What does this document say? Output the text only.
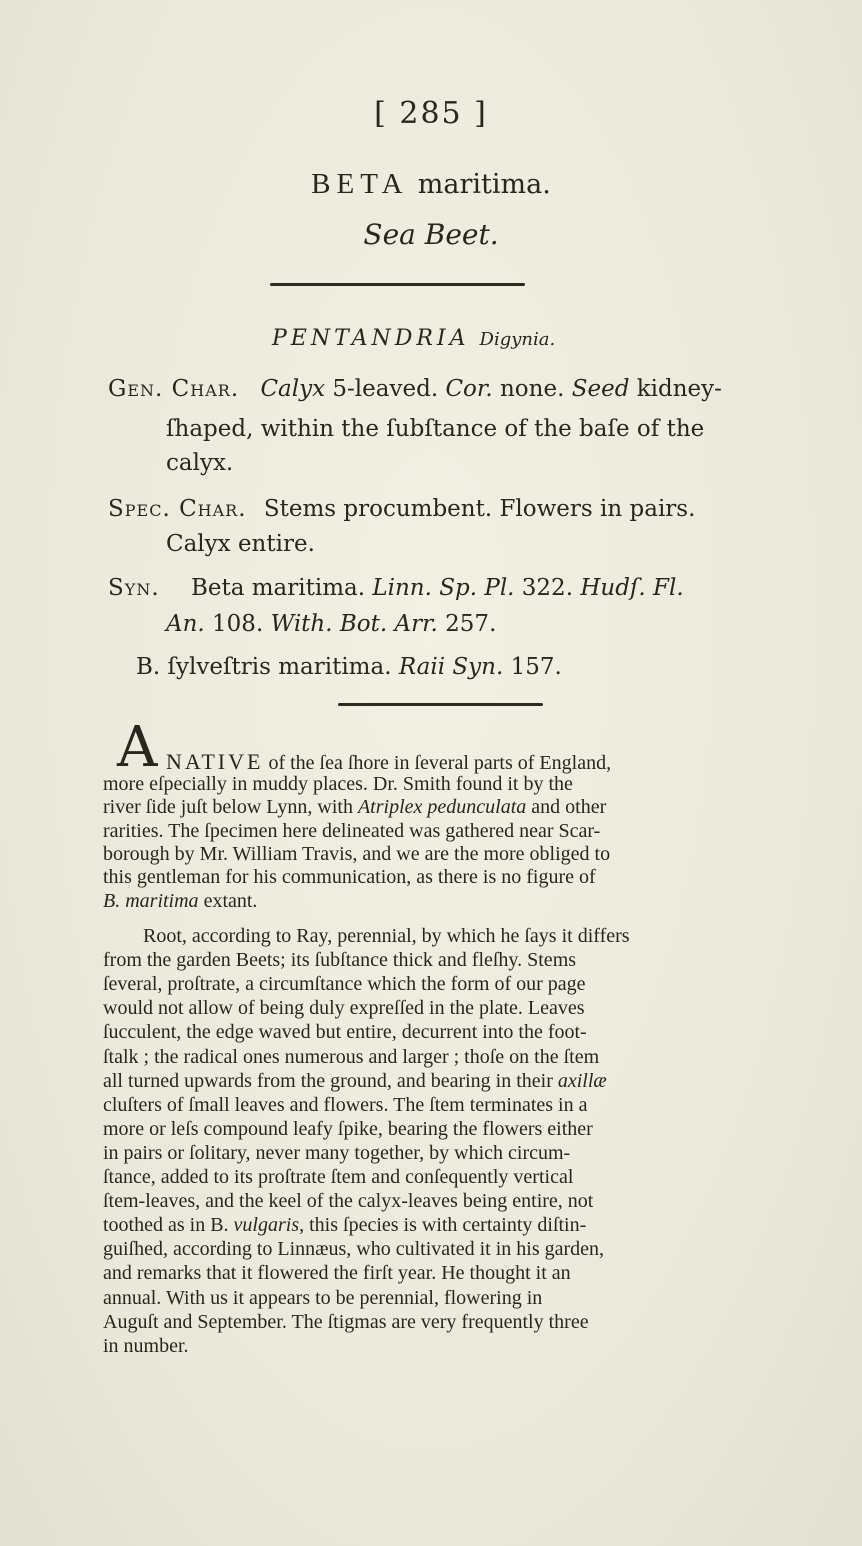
[ 285 ]
BETA maritima.
Sea Beet.
PENTANDRIA Digynia.
Gen. Char. Calyx 5-leaved. Cor. none. Seed kidney-
ſhaped, within the ſubſtance of the baſe of the
calyx.
Spec. Char. Stems procumbent. Flowers in pairs.
Calyx entire.
Syn. Beta maritima. Linn. Sp. Pl. 322. Hudſ. Fl.
An. 108. With. Bot. Arr. 257.
B. ſylveſtris maritima. Raii Syn. 157.
A NATIVE of the ſea ſhore in ſeveral parts of England,
more eſpecially in muddy places. Dr. Smith found it by the
river ſide juſt below Lynn, with Atriplex pedunculata and other
rarities. The ſpecimen here delineated was gathered near Scar-
borough by Mr. William Travis, and we are the more obliged to
this gentleman for his communication, as there is no figure of
B. maritima extant.
Root, according to Ray, perennial, by which he ſays it differs
from the garden Beets; its ſubſtance thick and fleſhy. Stems
ſeveral, proſtrate, a circumſtance which the form of our page
would not allow of being duly expreſſed in the plate. Leaves
ſucculent, the edge waved but entire, decurrent into the foot-
ſtalk ; the radical ones numerous and larger ; thoſe on the ſtem
all turned upwards from the ground, and bearing in their axillæ
cluſters of ſmall leaves and flowers. The ſtem terminates in a
more or leſs compound leafy ſpike, bearing the flowers either
in pairs or ſolitary, never many together, by which circum-
ſtance, added to its proſtrate ſtem and conſequently vertical
ſtem-leaves, and the keel of the calyx-leaves being entire, not
toothed as in B. vulgaris, this ſpecies is with certainty diſtin-
guiſhed, according to Linnæus, who cultivated it in his garden,
and remarks that it flowered the firſt year. He thought it an
annual. With us it appears to be perennial, flowering in
Auguſt and September. The ſtigmas are very frequently three
in number.
